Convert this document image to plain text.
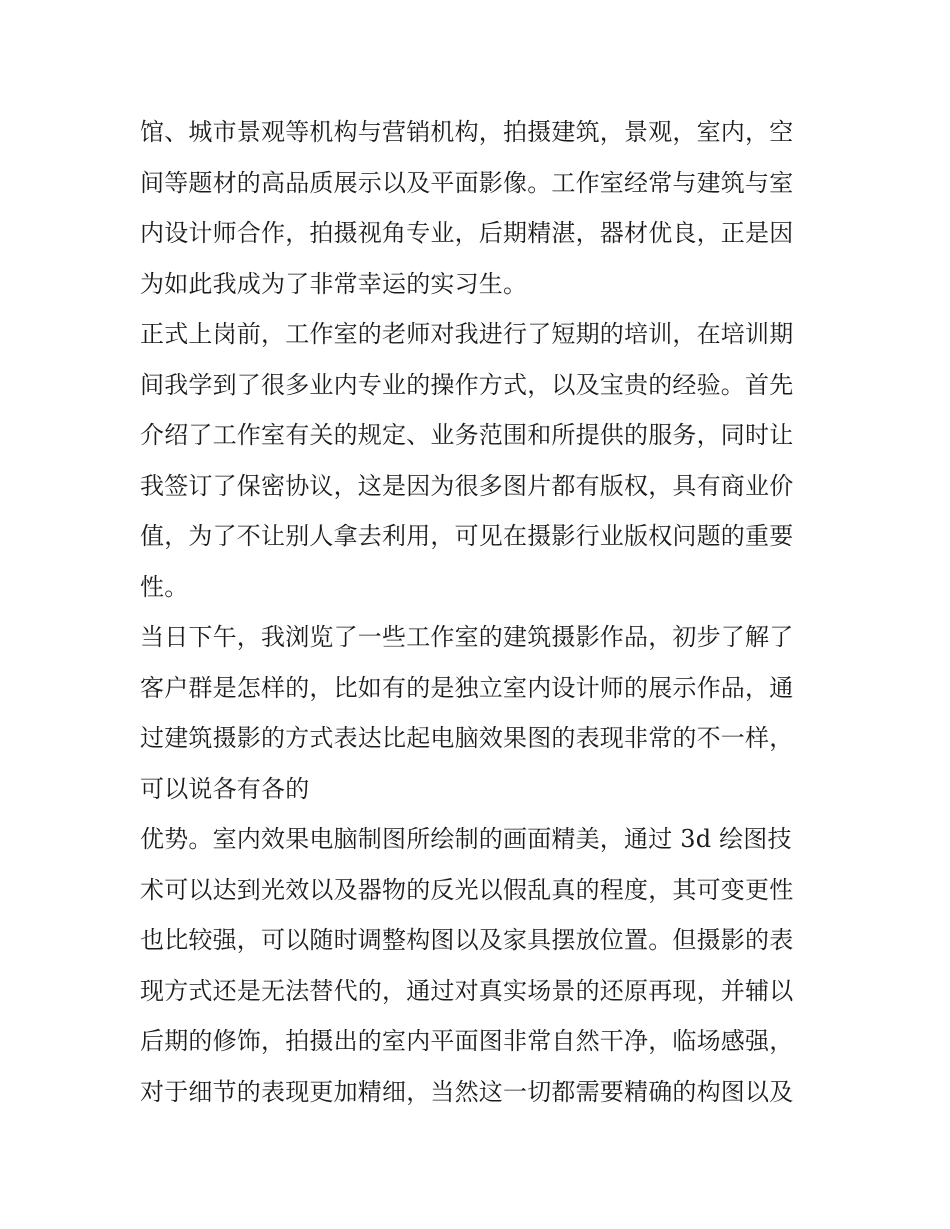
馆、城市景观等机构与营销机构，拍摄建筑，景观，室内，空
间等题材的高品质展示以及平面影像。工作室经常与建筑与室
内设计师合作，拍摄视角专业，后期精湛，器材优良，正是因
为如此我成为了非常幸运的实习生。
正式上岗前，工作室的老师对我进行了短期的培训，在培训期
间我学到了很多业内专业的操作方式，以及宝贵的经验。首先
介绍了工作室有关的规定、业务范围和所提供的服务，同时让
我签订了保密协议，这是因为很多图片都有版权，具有商业价
值，为了不让别人拿去利用，可见在摄影行业版权问题的重要
性。
当日下午，我浏览了一些工作室的建筑摄影作品，初步了解了
客户群是怎样的，比如有的是独立室内设计师的展示作品，通
过建筑摄影的方式表达比起电脑效果图的表现非常的不一样，
可以说各有各的
优势。室内效果电脑制图所绘制的画面精美，通过 3d 绘图技
术可以达到光效以及器物的反光以假乱真的程度，其可变更性
也比较强，可以随时调整构图以及家具摆放位置。但摄影的表
现方式还是无法替代的，通过对真实场景的还原再现，并辅以
后期的修饰，拍摄出的室内平面图非常自然干净，临场感强，
对于细节的表现更加精细，当然这一切都需要精确的构图以及
